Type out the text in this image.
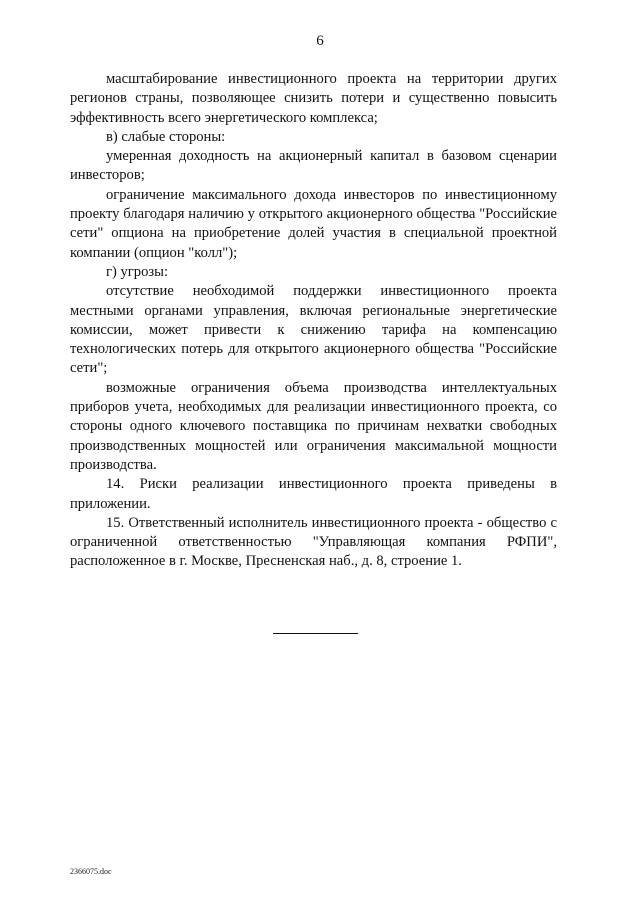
6

масштабирование инвестиционного проекта на территории других регионов страны, позволяющее снизить потери и существенно повысить эффективность всего энергетического комплекса;

в) слабые стороны:

умеренная доходность на акционерный капитал в базовом сценарии инвесторов;

ограничение максимального дохода инвесторов по инвестиционному проекту благодаря наличию у открытого акционерного общества "Российские сети" опциона на приобретение долей участия в специальной проектной компании (опцион "колл");

г) угрозы:

отсутствие необходимой поддержки инвестиционного проекта местными органами управления, включая региональные энергетические комиссии, может привести к снижению тарифа на компенсацию технологических потерь для открытого акционерного общества "Российские сети";

возможные ограничения объема производства интеллектуальных приборов учета, необходимых для реализации инвестиционного проекта, со стороны одного ключевого поставщика по причинам нехватки свободных производственных мощностей или ограничения максимальной мощности производства.

14. Риски реализации инвестиционного проекта приведены в приложении.

15. Ответственный исполнитель инвестиционного проекта - общество с ограниченной ответственностью "Управляющая компания РФПИ", расположенное в г. Москве, Пресненская наб., д. 8, строение 1.

2366075.doc
